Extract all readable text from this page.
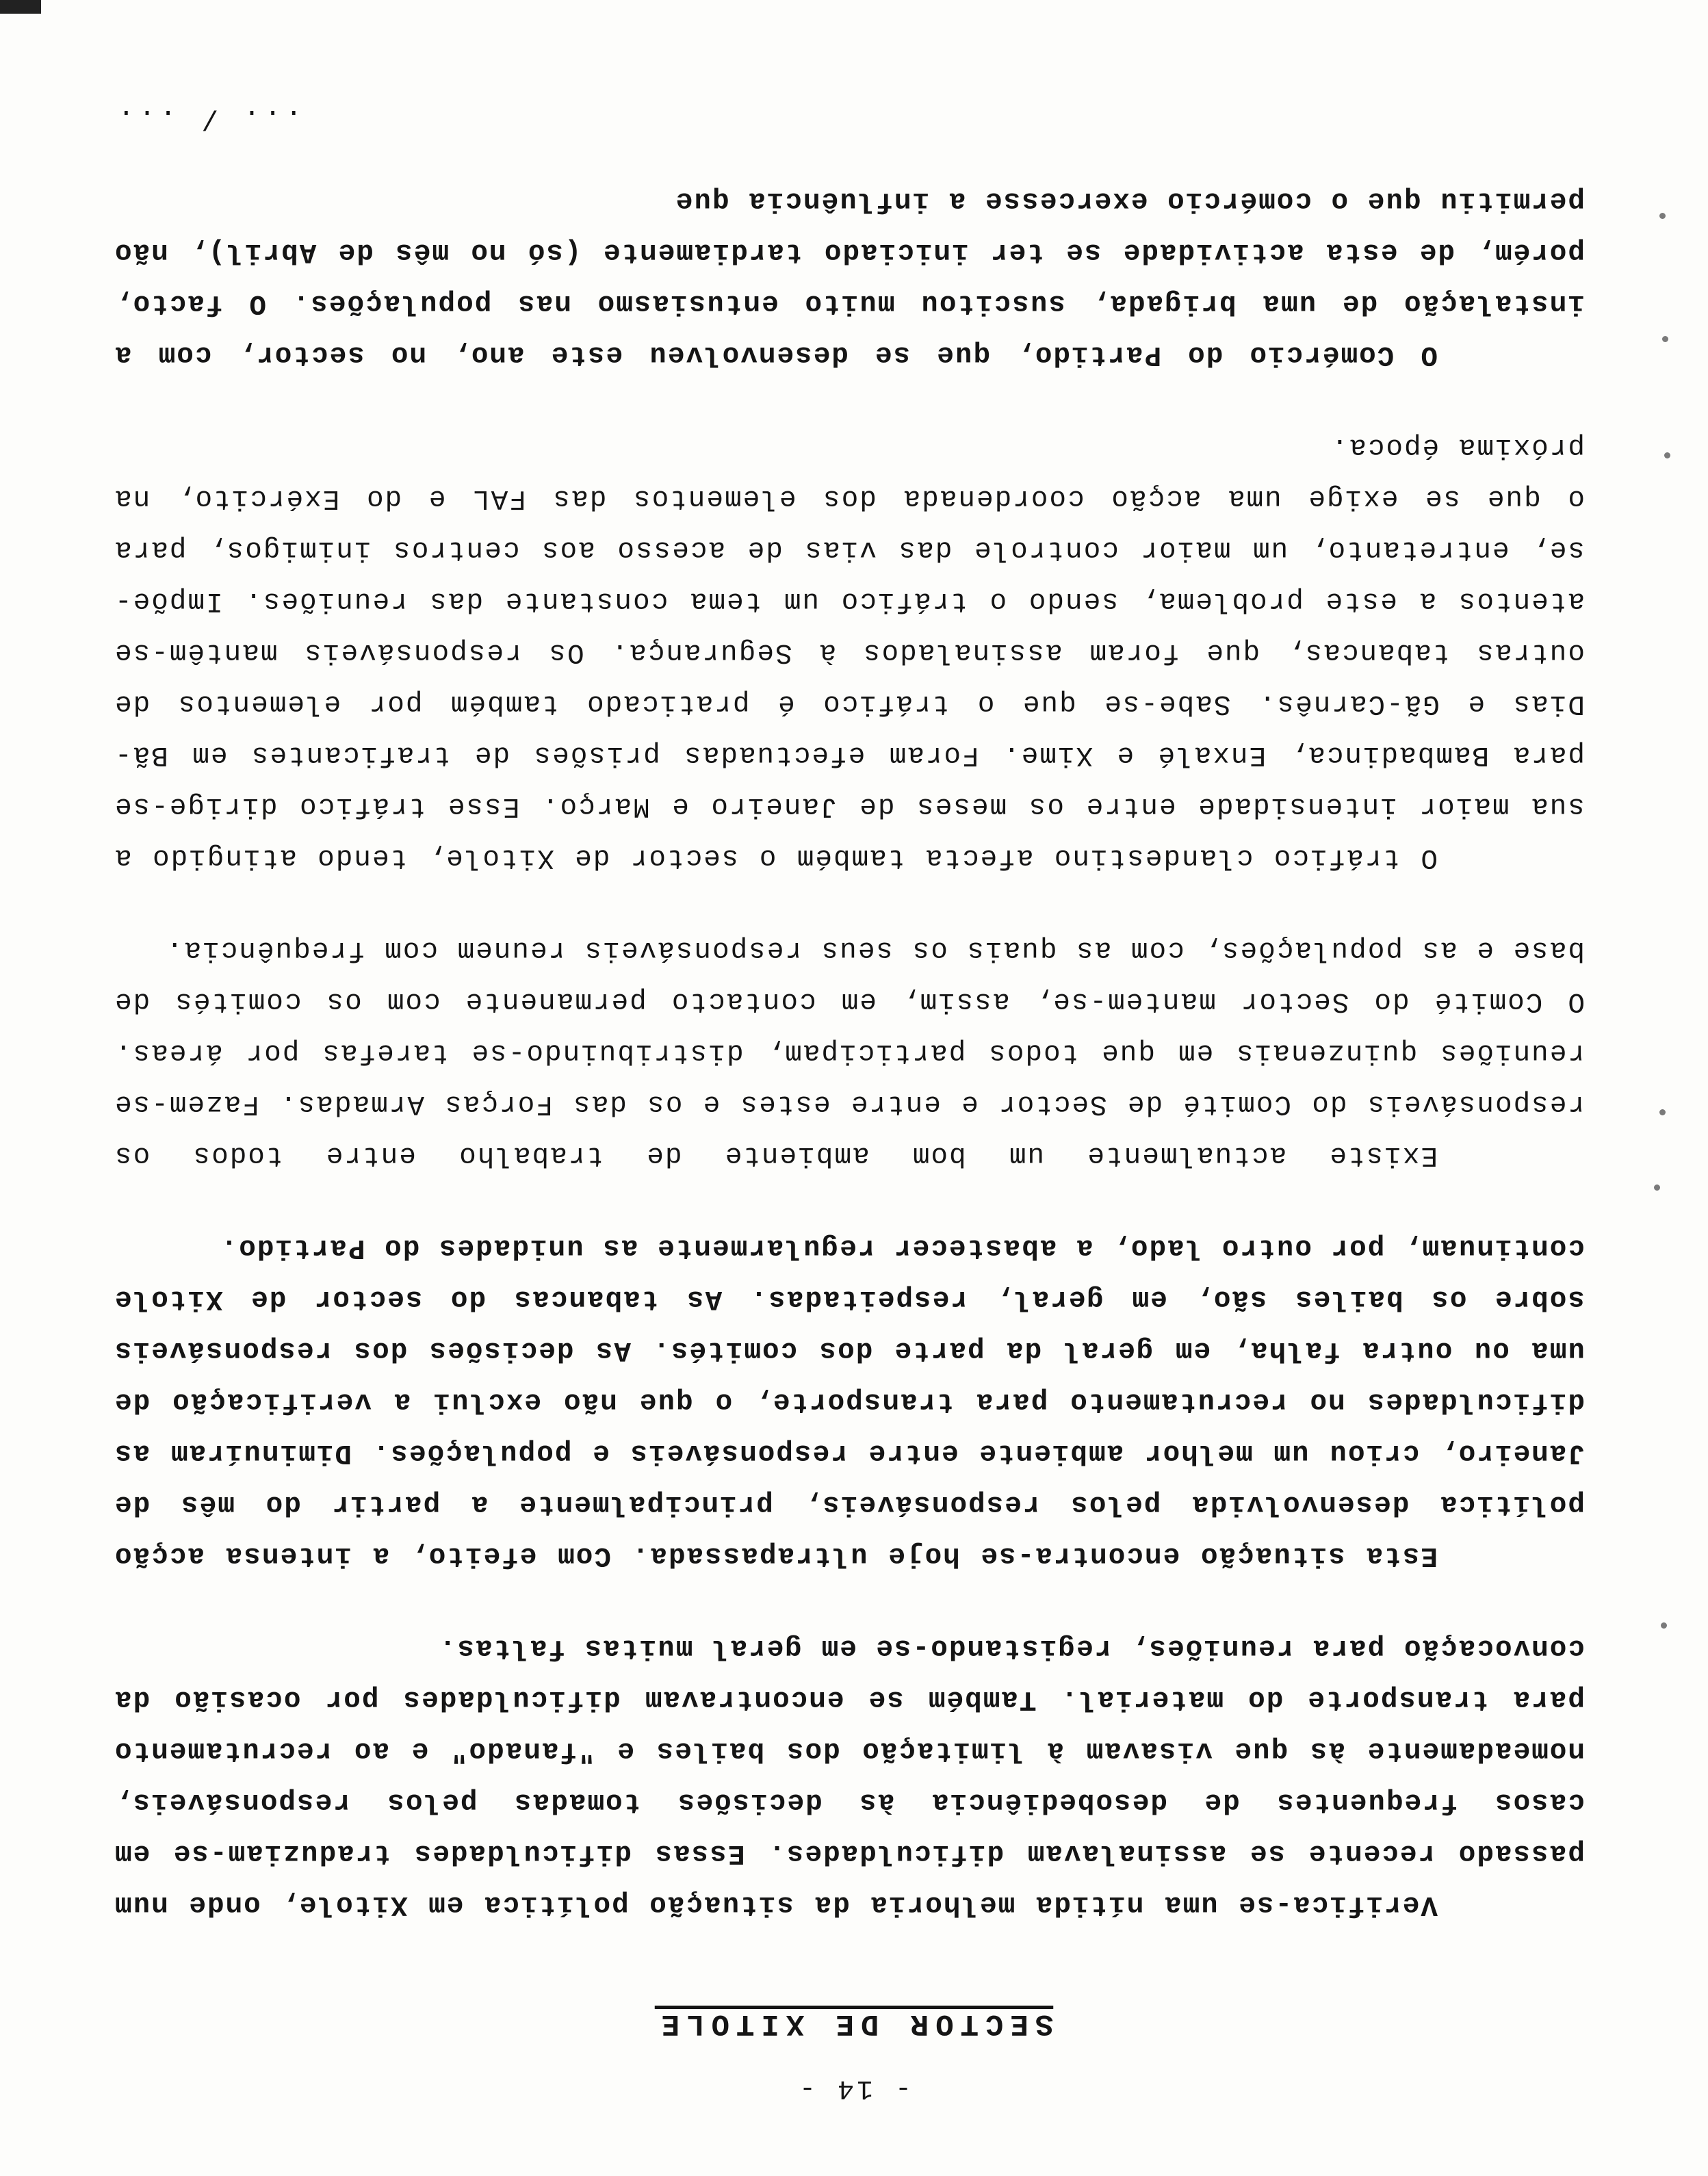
- 14 -
SECTOR DE XITOLE

Verifica-se uma nítida melhoria da situação política em Xitole, onde num passado recente se assinalavam dificuldades. Essas dificuldades traduziam-se em casos frequentes de desobediência às decisões tomadas pelos responsáveis, nomeadamente às que visavam à limitação dos bailes e "fanado" e ao recrutamento para transporte do material. Também se encontravam dificuldades por ocasião da convocação para reuniões, registando-se em geral muitas faltas.

Esta situação encontra-se hoje ultrapassada. Com efeito, a intensa acção política desenvolvida pelos responsáveis, principalmente a partir do mês de Janeiro, criou um melhor ambiente entre responsáveis e populações. Diminuíram as dificuldades no recrutamento para transporte, o que não exclui a verificação de uma ou outra falha, em geral da parte dos comités. As decisões dos responsáveis sobre os bailes são, em geral, respeitadas. As tabancas do sector de Xitole continuam, por outro lado, a abastecer regularmente as unidades do Partido.

Existe actualmente um bom ambiente de trabalho entre todos os responsáveis do Comité de Sector e entre estes e os das Forças Armadas. Fazem-se reuniões quinzenais em que todos participam, distribuindo-se tarefas por áreas. O Comité do Sector mantem-se, assim, em contacto permanente com os comités de base e as populações, com as quais os seus responsáveis reunem com frequência.

O tráfico clandestino afecta também o sector de Xitole, tendo atingido a sua maior intensidade entre os meses de Janeiro e Março. Esse tráfico dirige-se para Bambadinca, Enxalé e Xime. Foram efectuadas prisões de traficantes em Bã-Dias e Gã-Carnês. Sabe-se que o tráfico é praticado também por elementos de outras tabancas, que foram assinalados à Segurança. Os responsáveis mantêm-se atentos a este problema, sendo o tráfico um tema constante das reuniões. Impõe-se, entretanto, um maior controle das vias de acesso aos centros inimigos, para o que se exige uma acção coordenada dos elementos das FAL e do Exército, na próxima época.

O Comércio do Partido, que se desenvolveu este ano, no sector, com a instalação de uma brigada, suscitou muito entusiasmo nas populações. O facto, porém, de esta actividade se ter iniciado tardiamente (só no mês de Abril), não permitiu que o comércio exercesse a influência que

... / ...
